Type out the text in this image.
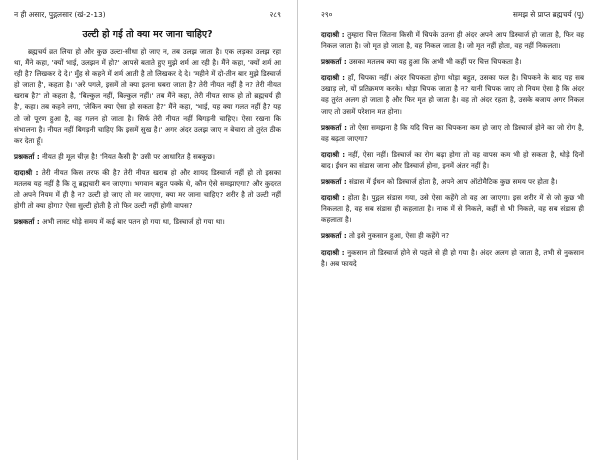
न ही असार, पुद्गलसार (खं-2-13)	२८९
उल्टी हो गई तो क्या मर जाना चाहिए?

ब्रह्मचर्य व्रत लिया हो और कुछ उल्टा-सीधा हो जाए न, तब उलझ जाता है। एक लड़का उलझ रहा था, मैंने कहा, 'क्यों भाई, उलझन में हो?' आपसे बताते हुए मुझे शर्म आ रही है। मैंने कहा, 'क्यों शर्म आ रही है? लिखकर दे दे।' मुँह से कहने में शर्म आती है तो लिखकर दे दे। 'महीने में दो-तीन बार मुझे डिस्चार्ज हो जाता है', कहता है। 'अरे पगले, इसमें तो क्या इतना घबरा जाता है? तेरी नीयत नहीं है न? तेरी नीयत खराब है?' तो कहता है, 'बिल्कुल नहीं, बिल्कुल नहीं।' तब मैंने कहा, तेरी नीयत साफ हो तो ब्रह्मचर्य ही है', कहा। तब कहने लगा, 'लेकिन क्या ऐसा हो सकता है?' मैंने कहा, 'भाई, यह क्या गलत नहीं है? यह तो जो पूरण हुआ है, वह गलन हो जाता है। सिर्फ तेरी नीयत नहीं बिगड़नी चाहिए। ऐसा रखना कि संभालना है। नीयत नहीं बिगड़नी चाहिए कि इसमें सुख है।' अगर अंदर उलझ जाए न बेचारा तो तुरंत ठीक कर देता हूँ।

प्रश्नकर्ता : नीयत ही मूल चीज़ है! 'नियत कैसी है' उसी पर आधारित है सबकुछ।

दादाश्री : तेरी नीयत किस तरफ की है? तेरी नीयत खराब हो और शायद डिस्चार्ज नहीं हो तो इसका मतलब यह नहीं है कि तू ब्रह्मचारी बन जाएगा। भगवान बहुत पक्के थे, कौन ऐसे समझाएगा? और कुदरत तो अपने नियम में ही है न? उल्टी हो जाए तो मर जाएगा, क्या मर जाना चाहिए? शरीर है तो उल्टी नहीं होगी तो क्या होगा? ऐसा सुल्टी होती है तो फिर उल्टी नहीं होगी वापस?

प्रश्नकर्ता : अभी लास्ट थोड़े समय में कई बार पतन हो गया था, डिस्चार्ज हो गया था।

२९०	समझ से प्राप्त ब्रह्मचर्य (पू)

दादाश्री : तुम्हारा चित्त जितना किसी में चिपके उतना ही अंदर अपने आप डिस्चार्ज हो जाता है, फिर वह निकल जाता है। जो मृत हो जाता है, वह निकल जाता है। जो मृत नहीं होता, वह नहीं निकलता।

प्रश्नकर्ता : उसका मतलब क्या यह हुआ कि अभी भी कहीं पर चित्त चिपकता है।

दादाश्री : हाँ, चिपका नहीं। अंदर चिपकता होगा थोड़ा बहुत, उसका फल है। चिपकने के बाद यह सब उखाड़ लो, यों प्रतिक्रमण करके। थोड़ा चिपक जाता है न? यानी चिपक जाए तो नियम ऐसा है कि अंदर वह तुरंत अलग हो जाता है और फिर मृत हो जाता है। वह तो अंदर रहता है, उसके बजाय अगर निकल जाए तो उसमें परेशान मत होना।

प्रश्नकर्ता : तो ऐसा समझना है कि यदि चित्त का चिपकना कम हो जाए तो डिस्चार्ज होने का जो रोग है, वह बढ़ता जाएगा?

दादाश्री : नहीं, ऐसा नहीं। डिस्चार्ज का रोग बढ़ा होगा तो वह वापस कम भी हो सकता है, थोड़े दिनों बाद। ईंधन का संडास जाना और डिस्चार्ज होना, इनमें अंतर नहीं है।

प्रश्नकर्ता : संडास में ईंधन को डिस्चार्ज होता है, अपने आप ऑटोमैटिक कुछ समय पर होता है।

दादाश्री : होता है। पुद्गल संडास गया, उसे ऐसा कहेंगे तो वह आ जाएगा। इस शरीर में से जो कुछ भी निकलता है, वह सब संडास ही कहलाता है। नाक में से निकले, कहीं से भी निकले, वह सब संडास ही कहलाता है।

प्रश्नकर्ता : तो इसे नुकसान हुआ, ऐसा ही कहेंगे न?

दादाश्री : नुकसान तो डिस्चार्ज होने से पहले से ही हो गया है। अंदर अलग हो जाता है, तभी से नुकसान है। अब फायदे
